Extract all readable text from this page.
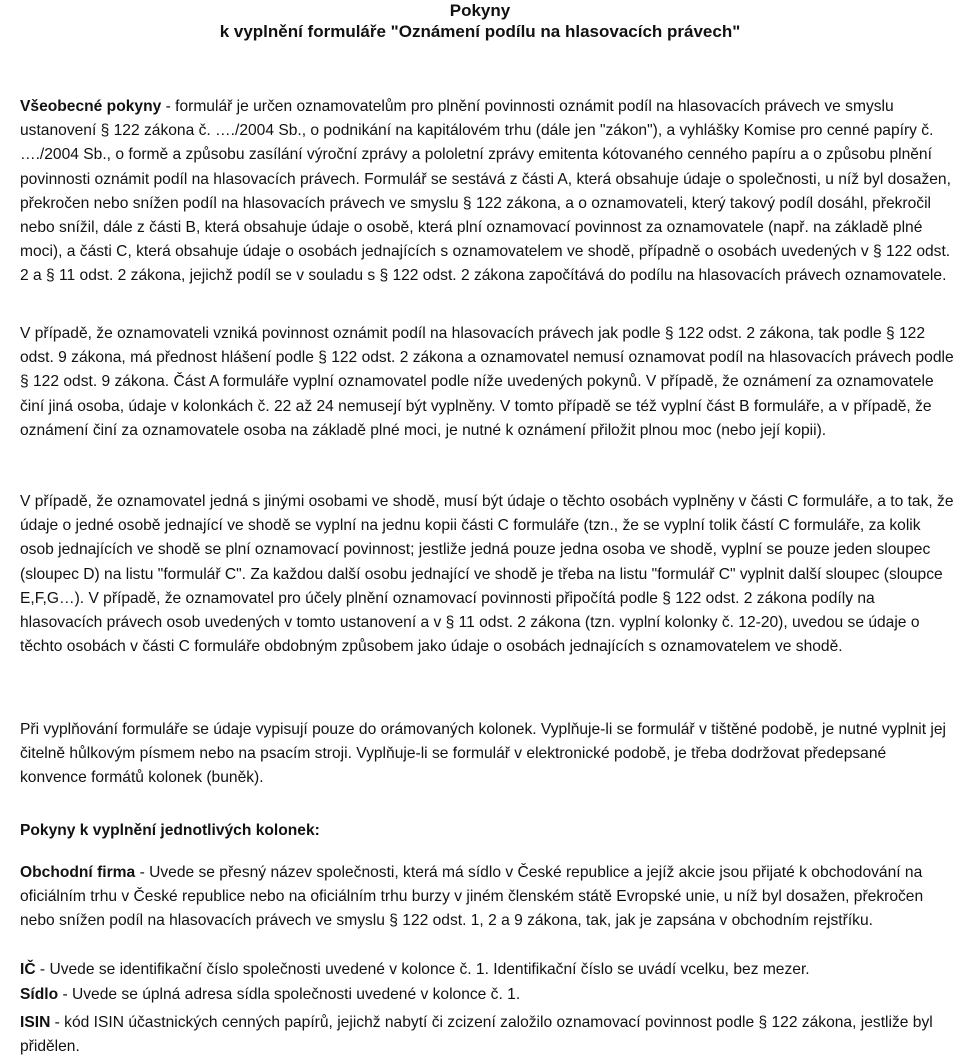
Pokyny
k vyplnění formuláře "Oznámení podílu na hlasovacích právech"

Všeobecné pokyny - formulář je určen oznamovatelům pro plnění povinnosti oznámit podíl na hlasovacích právech ve smyslu ustanovení § 122 zákona č. …./2004 Sb., o podnikání na kapitálovém trhu (dále jen "zákon"), a vyhlášky Komise pro cenné papíry č. …./2004 Sb., o formě a způsobu zasílání výroční zprávy a pololetní zprávy emitenta kótovaného cenného papíru a o způsobu plnění povinnosti oznámit podíl na hlasovacích právech. Formulář se sestává z části A, která obsahuje údaje o společnosti, u níž byl dosažen, překročen nebo snížen podíl na hlasovacích právech ve smyslu § 122 zákona, a o oznamovateli, který takový podíl dosáhl, překročil nebo snížil, dále z části B, která obsahuje údaje o osobě, která plní oznamovací povinnost za oznamovatele (např. na základě plné moci), a části C, která obsahuje údaje o osobách jednajících s oznamovatelem ve shodě, případně o osobách uvedených v § 122 odst. 2 a § 11 odst. 2 zákona, jejichž podíl se v souladu s § 122 odst. 2 zákona započítává do podílu na hlasovacích právech oznamovatele.

V případě, že oznamovateli vzniká povinnost oznámit podíl na hlasovacích právech jak podle § 122 odst. 2 zákona, tak podle § 122 odst. 9 zákona, má přednost hlášení podle § 122 odst. 2 zákona a oznamovatel nemusí oznamovat podíl na hlasovacích právech podle § 122 odst. 9 zákona. Část A formuláře vyplní oznamovatel podle níže uvedených pokynů. V případě, že oznámení za oznamovatele činí jiná osoba, údaje v kolonkách č. 22 až 24 nemusejí být vyplněny. V tomto případě se též vyplní část B formuláře, a v případě, že oznámení činí za oznamovatele osoba na základě plné moci, je nutné k oznámení přiložit plnou moc (nebo její kopii).

V případě, že oznamovatel jedná s jinými osobami ve shodě, musí být údaje o těchto osobách vyplněny v části C formuláře, a to tak, že údaje o jedné osobě jednající ve shodě se vyplní na jednu kopii části C formuláře (tzn., že se vyplní tolik částí C formuláře, za kolik osob jednajících ve shodě se plní oznamovací povinnost; jestliže jedná pouze jedna osoba ve shodě, vyplní se pouze jeden sloupec (sloupec D) na listu "formulář C". Za každou další osobu jednající ve shodě je třeba na listu "formulář C" vyplnit další sloupec (sloupce E,F,G…). V případě, že oznamovatel pro účely plnění oznamovací povinnosti připočítá podle § 122 odst. 2 zákona podíly na hlasovacích právech osob uvedených v tomto ustanovení a v § 11 odst. 2 zákona (tzn. vyplní kolonky č. 12-20), uvedou se údaje o těchto osobách v části C formuláře obdobným způsobem jako údaje o osobách jednajících s oznamovatelem ve shodě.

Při vyplňování formuláře se údaje vypisují pouze do orámovaných kolonek. Vyplňuje-li se formulář v tištěné podobě, je nutné vyplnit jej čitelně hůlkovým písmem nebo na psacím stroji. Vyplňuje-li se formulář v elektronické podobě, je třeba dodržovat předepsané konvence formátů kolonek (buněk).

Pokyny k vyplnění jednotlivých kolonek:

Obchodní firma - Uvede se přesný název společnosti, která má sídlo v České republice a jejíž akcie jsou přijaté k obchodování na oficiálním trhu v České republice nebo na oficiálním trhu burzy v jiném členském státě Evropské unie, u níž byl dosažen, překročen nebo snížen podíl na hlasovacích právech ve smyslu § 122 odst. 1, 2 a 9 zákona, tak, jak je zapsána v obchodním rejstříku.

IČ - Uvede se identifikační číslo společnosti uvedené v kolonce č. 1. Identifikační číslo se uvádí vcelku, bez mezer.

Sídlo - Uvede se úplná adresa sídla společnosti uvedené v kolonce č. 1.

ISIN - kód ISIN účastnických cenných papírů, jejichž nabytí či zcizení založilo oznamovací povinnost podle § 122 zákona, jestliže byl přidělen.
